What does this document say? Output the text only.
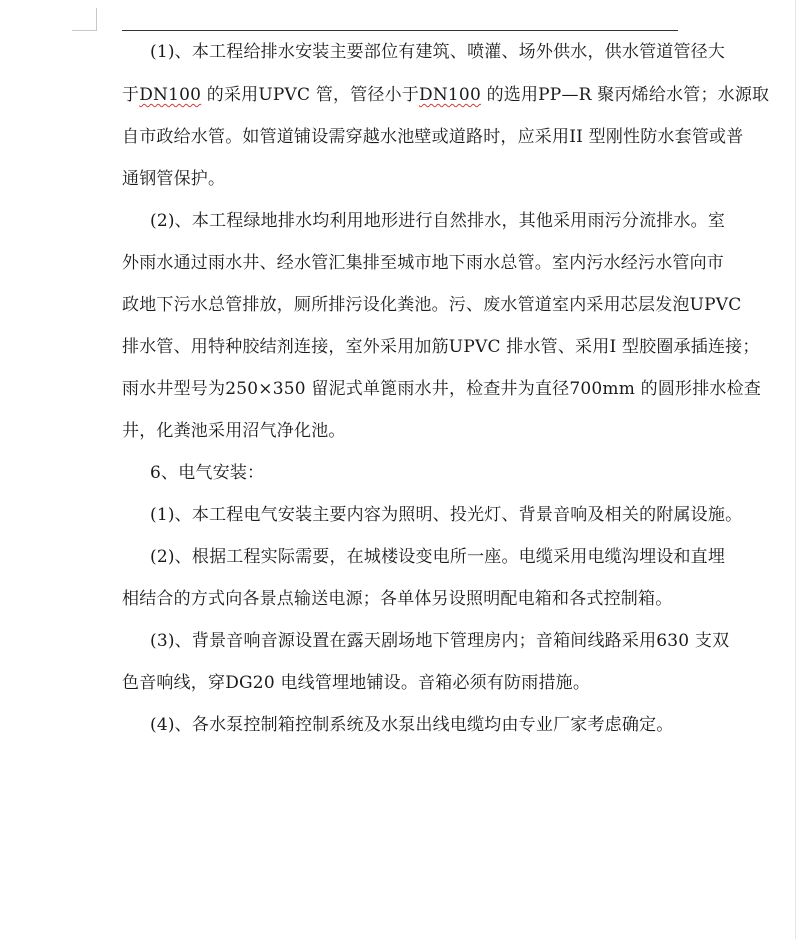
(1)、本工程给排水安装主要部位有建筑、喷灌、场外供水，供水管道管径大
于DN100 的采用UPVC 管，管径小于DN100 的选用PP—R 聚丙烯给水管；水源取
自市政给水管。如管道铺设需穿越水池壁或道路时，应采用II 型刚性防水套管或普
通钢管保护。
(2)、本工程绿地排水均利用地形进行自然排水，其他采用雨污分流排水。室
外雨水通过雨水井、经水管汇集排至城市地下雨水总管。室内污水经污水管向市
政地下污水总管排放，厕所排污设化粪池。污、废水管道室内采用芯层发泡UPVC
排水管、用特种胶结剂连接，室外采用加筋UPVC 排水管、采用I 型胶圈承插连接；
雨水井型号为250×350 留泥式单篦雨水井，检查井为直径700mm 的圆形排水检查
井，化粪池采用沼气净化池。
6、电气安装：
(1)、本工程电气安装主要内容为照明、投光灯、背景音响及相关的附属设施。
(2)、根据工程实际需要，在城楼设变电所一座。电缆采用电缆沟埋设和直埋
相结合的方式向各景点输送电源；各单体另设照明配电箱和各式控制箱。
(3)、背景音响音源设置在露天剧场地下管理房内；音箱间线路采用630 支双
色音响线，穿DG20 电线管埋地铺设。音箱必须有防雨措施。
(4)、各水泵控制箱控制系统及水泵出线电缆均由专业厂家考虑确定。
